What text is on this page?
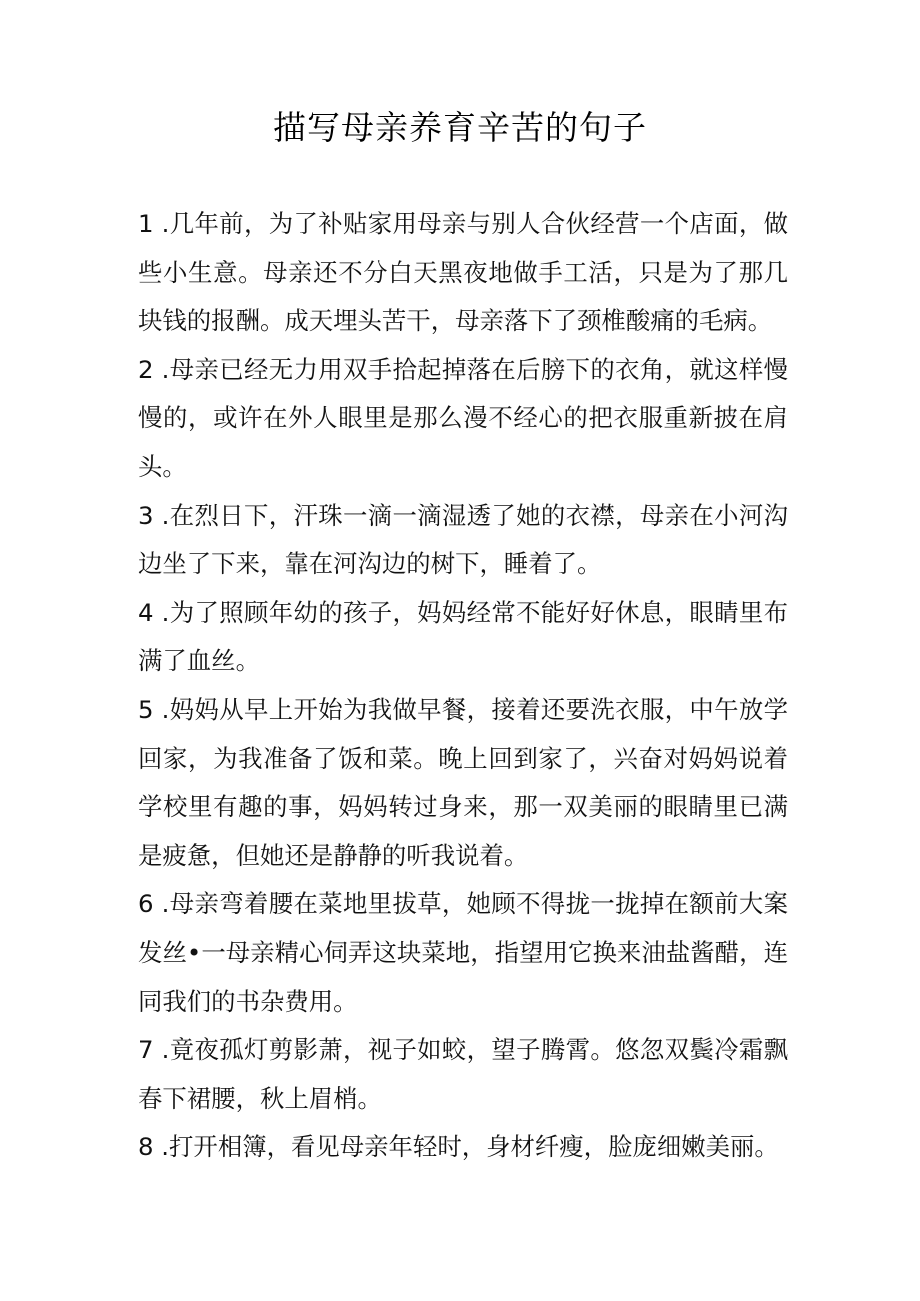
描写母亲养育辛苦的句子
1 .几年前，为了补贴家用母亲与别人合伙经营一个店面，做些小生意。母亲还不分白天黑夜地做手工活，只是为了那几块钱的报酬。成天埋头苦干，母亲落下了颈椎酸痛的毛病。
2 .母亲已经无力用双手拾起掉落在后膀下的衣角，就这样慢慢的，或许在外人眼里是那么漫不经心的把衣服重新披在肩头。
3 .在烈日下，汗珠一滴一滴湿透了她的衣襟，母亲在小河沟边坐了下来，靠在河沟边的树下，睡着了。
4 .为了照顾年幼的孩子，妈妈经常不能好好休息，眼睛里布满了血丝。
5 .妈妈从早上开始为我做早餐，接着还要洗衣服，中午放学回家，为我准备了饭和菜。晚上回到家了，兴奋对妈妈说着学校里有趣的事，妈妈转过身来，那一双美丽的眼睛里已满是疲惫，但她还是静静的听我说着。
6 .母亲弯着腰在菜地里拔草，她顾不得拢一拢掉在额前大案发丝•一母亲精心伺弄这块菜地，指望用它换来油盐酱醋，连同我们的书杂费用。
7 .竟夜孤灯剪影萧，视子如蛟，望子腾霄。悠忽双鬓冷霜飘春下裙腰，秋上眉梢。
8 .打开相簿，看见母亲年轻时，身材纤瘦，脸庞细嫩美丽。
